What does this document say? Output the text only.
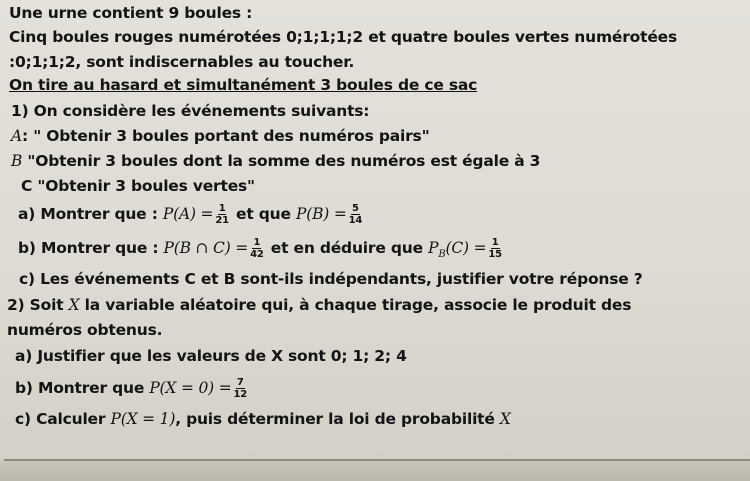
Une urne contient 9 boules :
Cinq boules rouges numérotées 0;1;1;1;2 et quatre boules vertes numérotées
:0;1;1;2, sont indiscernables au toucher.
On tire au hasard et simultanément 3 boules de ce sac
1) On considère les événements suivants:
A: " Obtenir 3 boules portant des numéros pairs"
B "Obtenir 3 boules dont la somme des numéros est égale à 3
C "Obtenir 3 boules vertes"
a) Montrer que : $P(A) = \frac{1}{21}$ et que $P(B) = \frac{5}{14}$
b) Montrer que : P(B ∩ $C) = \frac{1}{42}$ et en déduire que $P_B(C) = \frac{1}{15}$
c) Les événements C et B sont-ils indépendants, justifier votre réponse ?
2) Soit X la variable aléatoire qui, à chaque tirage, associe le produit des
numéros obtenus.
a) Justifier que les valeurs de X sont 0; 1; 2; 4
b) Montrer que $P(X = 0) = \frac{7}{12}$
c) Calculer P(X = 1), puis déterminer la loi de probabilité X
